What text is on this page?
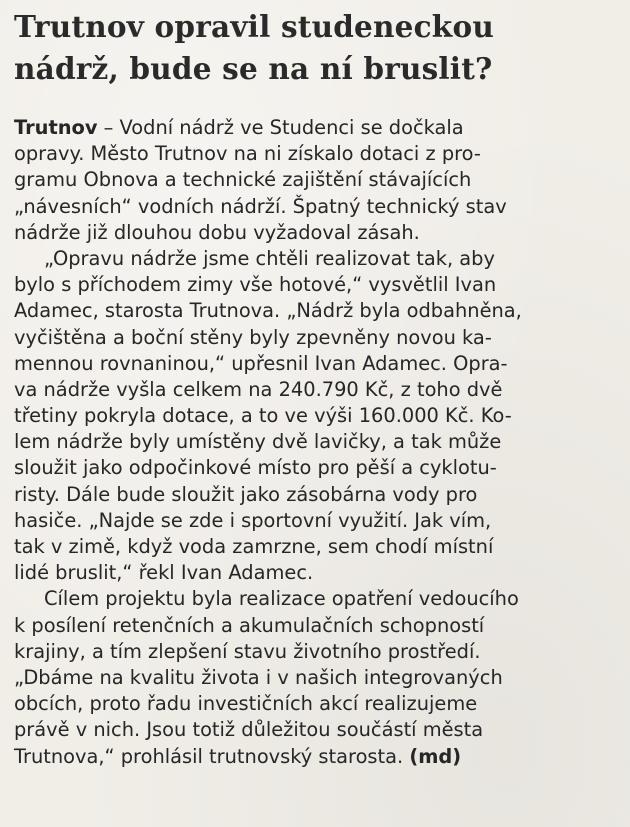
Trutnov opravil studeneckou
nádrž, bude se na ní bruslit?
Trutnov – Vodní nádrž ve Studenci se dočkala
opravy. Město Trutnov na ni získalo dotaci z pro-
gramu Obnova a technické zajištění stávajících
„návesních“ vodních nádrží. Špatný technický stav
nádrže již dlouhou dobu vyžadoval zásah.
„Opravu nádrže jsme chtěli realizovat tak, aby
bylo s příchodem zimy vše hotové,“ vysvětlil Ivan
Adamec, starosta Trutnova. „Nádrž byla odbahněna,
vyčištěna a boční stěny byly zpevněny novou ka-
mennou rovnaninou,“ upřesnil Ivan Adamec. Opra-
va nádrže vyšla celkem na 240.790 Kč, z toho dvě
třetiny pokryla dotace, a to ve výši 160.000 Kč. Ko-
lem nádrže byly umístěny dvě lavičky, a tak může
sloužit jako odpočinkové místo pro pěší a cyklotu-
risty. Dále bude sloužit jako zásobárna vody pro
hasiče. „Najde se zde i sportovní využití. Jak vím,
tak v zimě, když voda zamrzne, sem chodí místní
lidé bruslit,“ řekl Ivan Adamec.
Cílem projektu byla realizace opatření vedoucího
k posílení retenčních a akumulačních schopností
krajiny, a tím zlepšení stavu životního prostředí.
„Dbáme na kvalitu života i v našich integrovaných
obcích, proto řadu investičních akcí realizujeme
právě v nich. Jsou totiž důležitou součástí města
Trutnova,“ prohlásil trutnovský starosta. (md)
